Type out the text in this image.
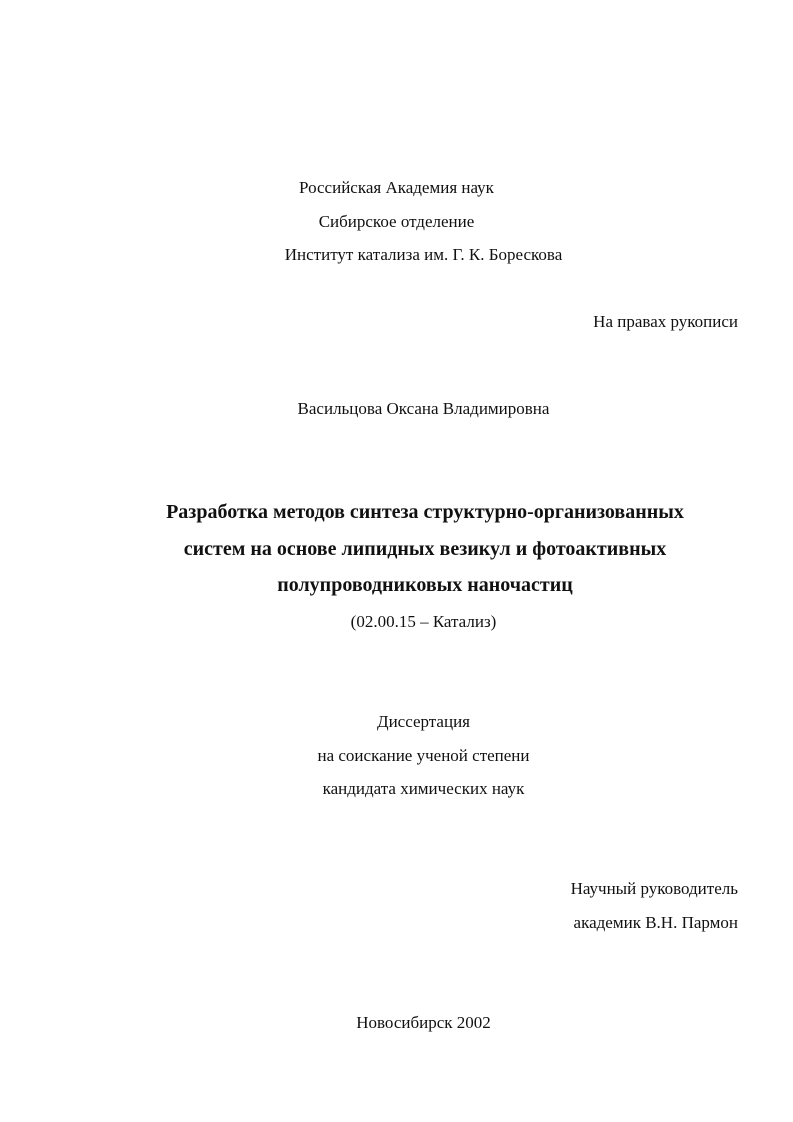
Российская Академия наук
Сибирское отделение
Институт катализа им. Г. К. Борескова
На правах рукописи
Васильцова Оксана Владимировна
Разработка методов синтеза структурно-организованных
систем на основе липидных везикул и фотоактивных
полупроводниковых наночастиц
(02.00.15 – Катализ)
Диссертация
на соискание ученой степени
кандидата химических наук
Научный руководитель
академик В.Н. Пармон
Новосибирск 2002
